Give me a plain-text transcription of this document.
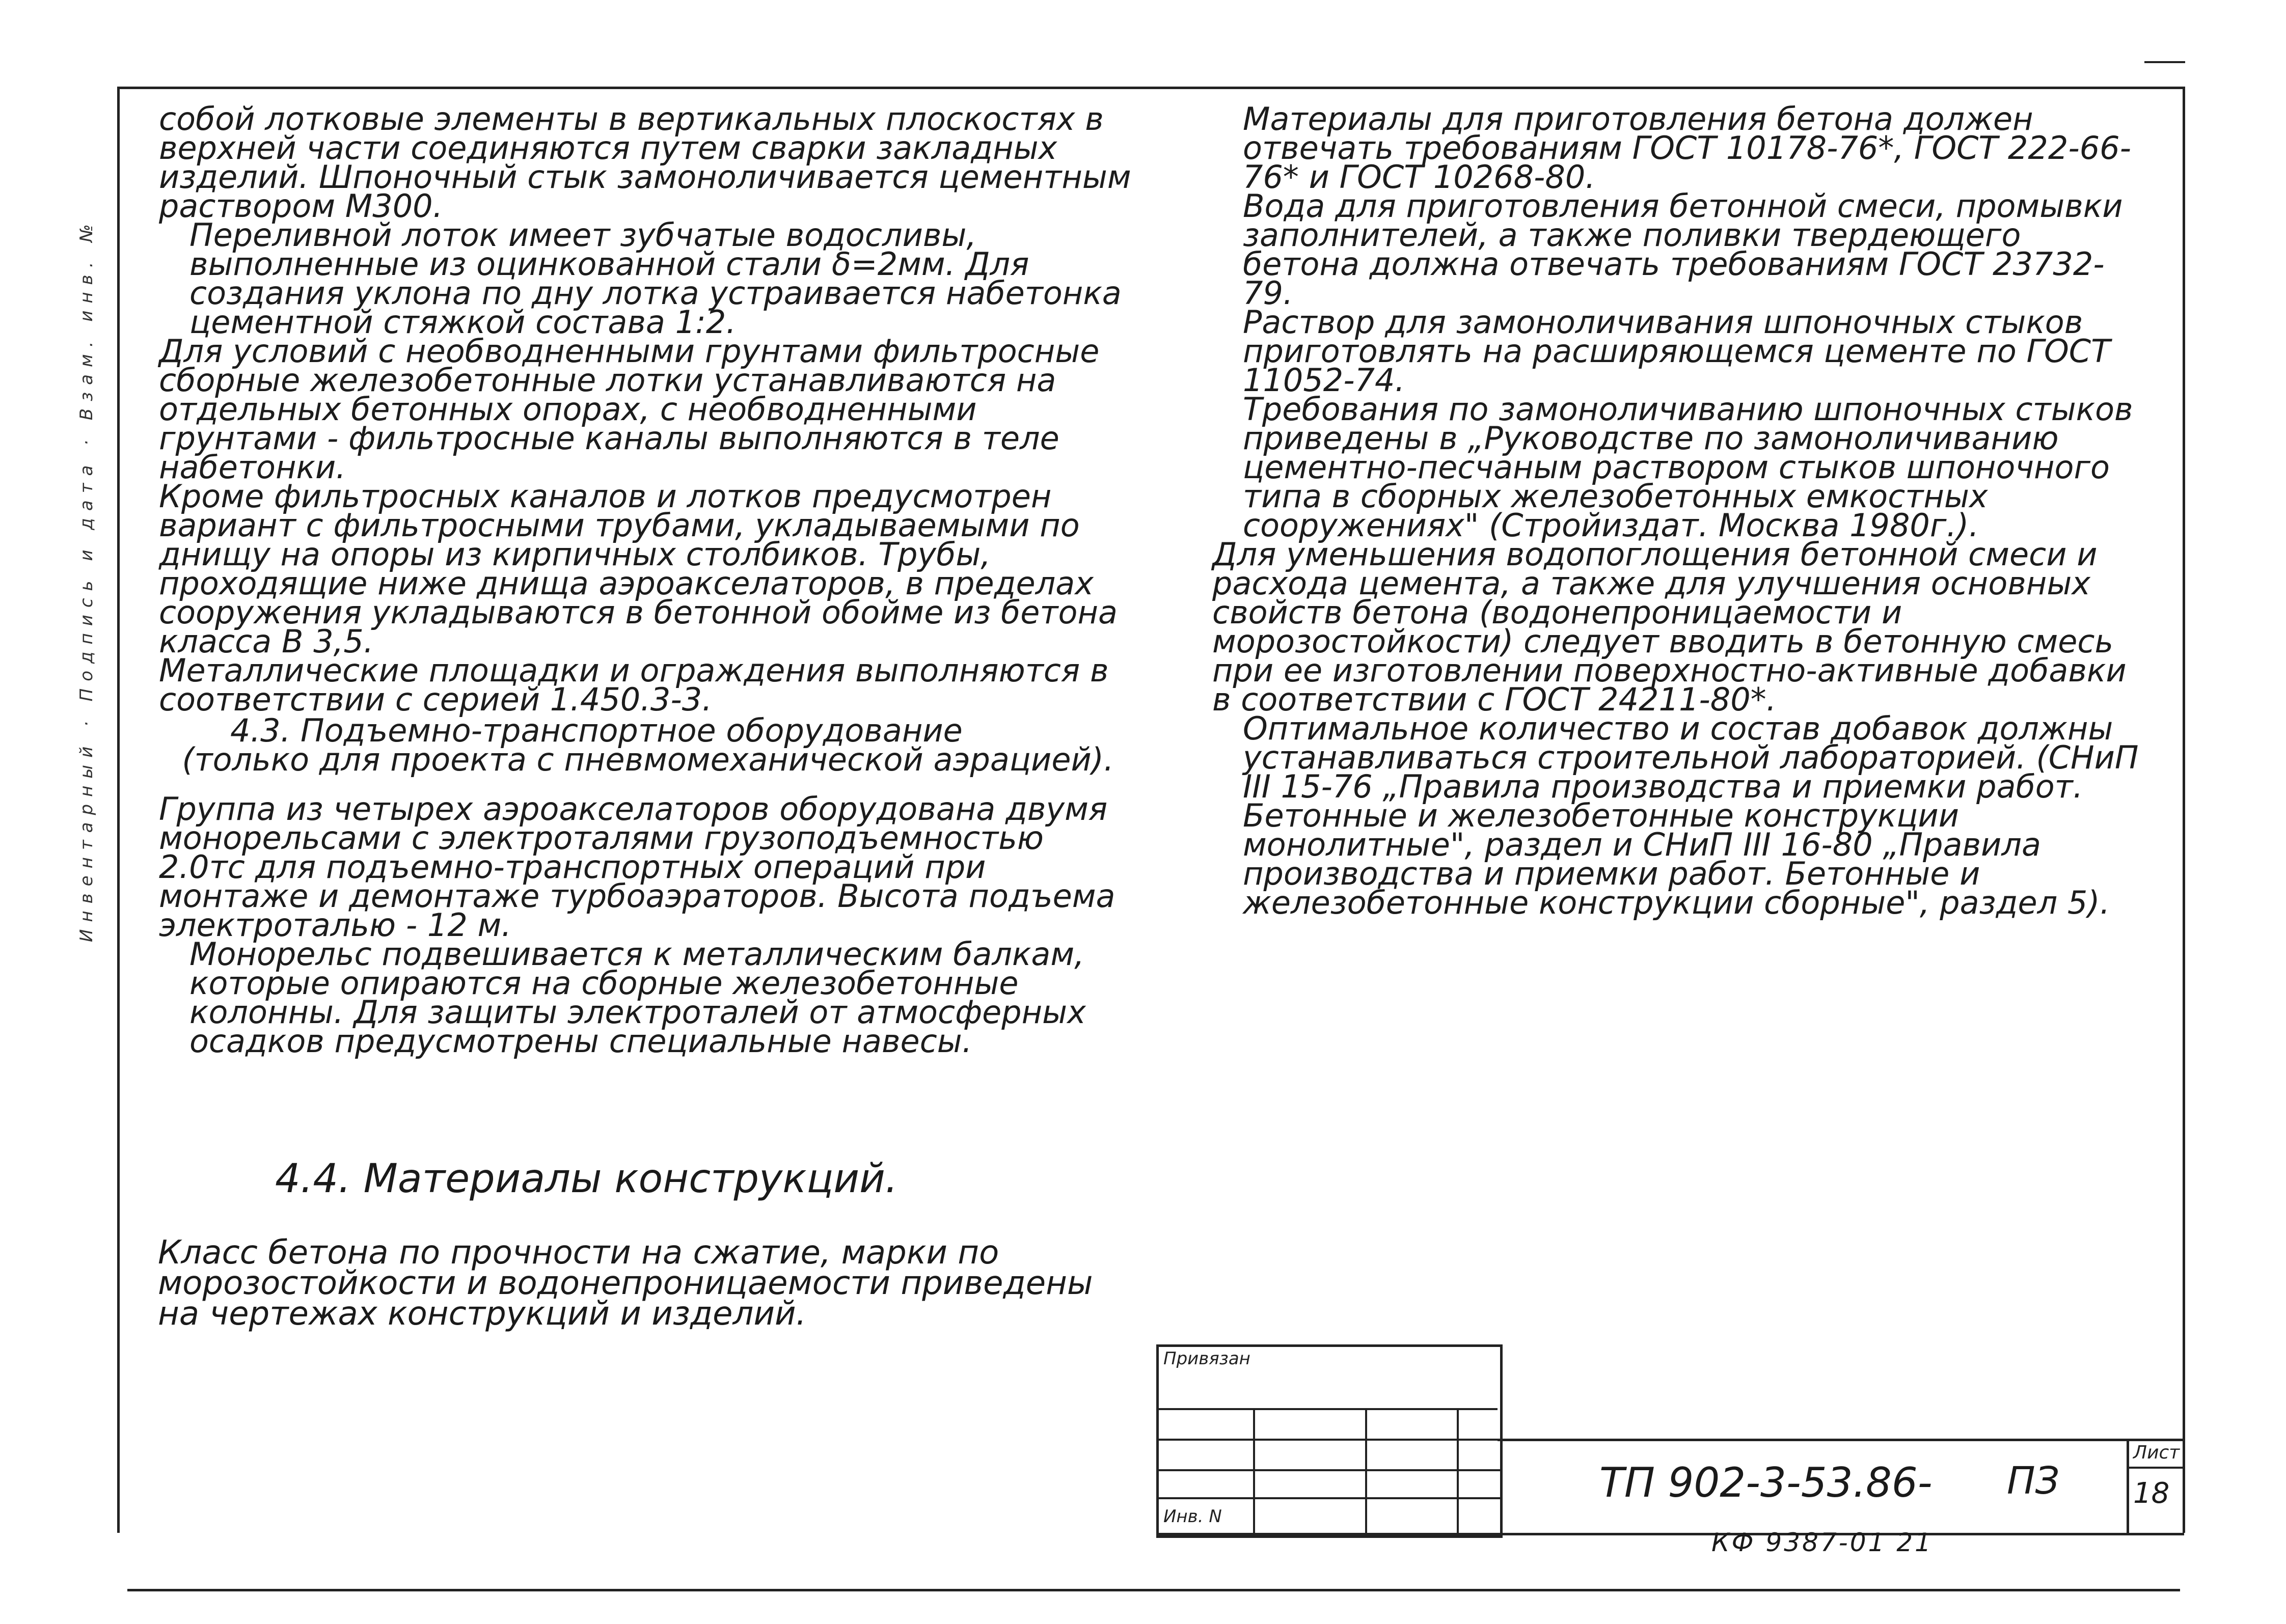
Инвентарный · Подпись и дата · Взам. инв. №

собой лотковые элементы в вертикальных плоскостях в верхней части соединяются путем сварки закладных изделий. Шпоночный стык замоноличивается цементным раствором М300.

Переливной лоток имеет зубчатые водосливы, выполненные из оцинкованной стали δ=2мм. Для создания уклона по дну лотка устраивается набетонка цементной стяжкой состава 1:2.

Для условий с необводненными грунтами фильтросные сборные железобетонные лотки устанавливаются на отдельных бетонных опорах, с необводненными грунтами - фильтросные каналы выполняются в теле набетонки.

Кроме фильтросных каналов и лотков предусмотрен вариант с фильтросными трубами, укладываемыми по днищу на опоры из кирпичных столбиков. Трубы, проходящие ниже днища аэроакселаторов, в пределах сооружения укладываются в бетонной обойме из бетона класса В 3,5.

Металлические площадки и ограждения выполняются в соответствии с серией 1.450.3-3.

4.3. Подъемно-транспортное оборудование

(только для проекта с пневмомеханической аэрацией).

Группа из четырех аэроакселаторов оборудована двумя монорельсами с электроталями грузоподъемностью 2.0тс для подъемно-транспортных операций при монтаже и демонтаже турбоаэраторов. Высота подъема электроталью - 12 м.

Монорельс подвешивается к металлическим балкам, которые опираются на сборные железобетонные колонны. Для защиты электроталей от атмосферных осадков предусмотрены специальные навесы.

4.4. Материалы конструкций.

Класс бетона по прочности на сжатие, марки по морозостойкости и водонепроницаемости приведены на чертежах конструкций и изделий.

Материалы для приготовления бетона должен отвечать требованиям ГОСТ 10178-76*, ГОСТ 222-66-76* и ГОСТ 10268-80.

Вода для приготовления бетонной смеси, промывки заполнителей, а также поливки твердеющего бетона должна отвечать требованиям ГОСТ 23732-79.

Раствор для замоноличивания шпоночных стыков приготовлять на расширяющемся цементе по ГОСТ 11052-74.

Требования по замоноличиванию шпоночных стыков приведены в „Руководстве по замоноличиванию цементно-песчаным раствором стыков шпоночного типа в сборных железобетонных емкостных сооружениях" (Стройиздат. Москва 1980г.).

Для уменьшения водопоглощения бетонной смеси и расхода цемента, а также для улучшения основных свойств бетона (водонепроницаемости и морозостойкости) следует вводить в бетонную смесь при ее изготовлении поверхностно-активные добавки в соответствии с ГОСТ 24211-80*.

Оптимальное количество и состав добавок должны устанавливаться строительной лабораторией. (СНиП III 15-76 „Правила производства и приемки работ. Бетонные и железобетонные конструкции монолитные", раздел и СНиП III 16-80 „Правила производства и приемки работ. Бетонные и железобетонные конструкции сборные", раздел 5).

Привязан
Инв. N
ТП 902-3-53.86- ПЗ
Лист
18
КФ 9387-01 21
